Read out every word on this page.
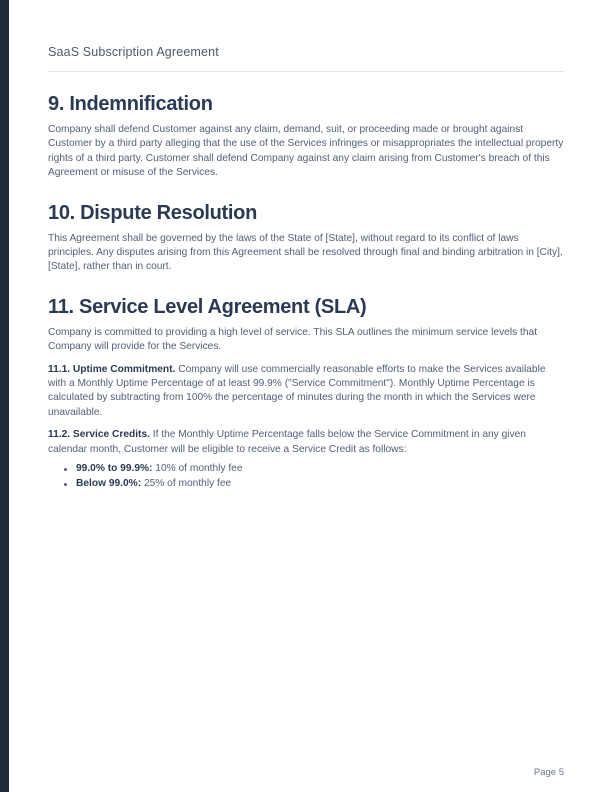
SaaS Subscription Agreement
9. Indemnification

Company shall defend Customer against any claim, demand, suit, or proceeding made or brought against Customer by a third party alleging that the use of the Services infringes or misappropriates the intellectual property rights of a third party. Customer shall defend Company against any claim arising from Customer's breach of this Agreement or misuse of the Services.

10. Dispute Resolution

This Agreement shall be governed by the laws of the State of [State], without regard to its conflict of laws principles. Any disputes arising from this Agreement shall be resolved through final and binding arbitration in [City], [State], rather than in court.

11. Service Level Agreement (SLA)

Company is committed to providing a high level of service. This SLA outlines the minimum service levels that Company will provide for the Services.

11.1. Uptime Commitment. Company will use commercially reasonable efforts to make the Services available with a Monthly Uptime Percentage of at least 99.9% ("Service Commitment"). Monthly Uptime Percentage is calculated by subtracting from 100% the percentage of minutes during the month in which the Services were unavailable.

11.2. Service Credits. If the Monthly Uptime Percentage falls below the Service Commitment in any given calendar month, Customer will be eligible to receive a Service Credit as follows:

99.0% to 99.9%: 10% of monthly fee
Below 99.0%: 25% of monthly fee
Page 5
